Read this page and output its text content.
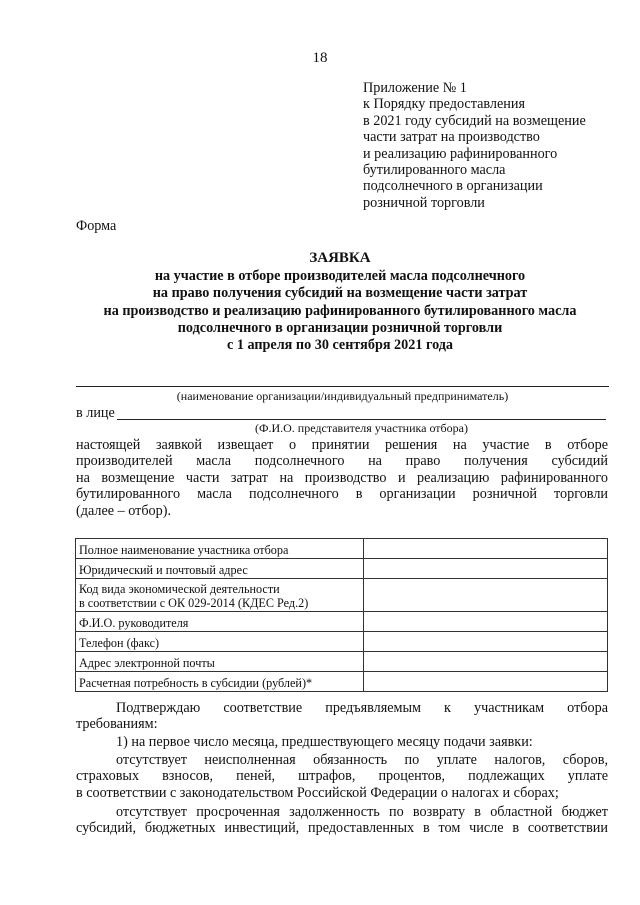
18
Приложение № 1
к Порядку предоставления
в 2021 году субсидий на возмещение
части затрат на производство
и реализацию рафинированного
бутилированного масла
подсолнечного в организации
розничной торговли
Форма
ЗАЯВКА
на участие в отборе производителей масла подсолнечного
на право получения субсидий на возмещение части затрат
на производство и реализацию рафинированного бутилированного масла
подсолнечного в организации розничной торговли
с 1 апреля по 30 сентября 2021 года
(наименование организации/индивидуальный предприниматель)
в лице
(Ф.И.О. представителя участника отбора)
настоящей заявкой извещает о принятии решения на участие в отборе
производителей масла подсолнечного на право получения субсидий
на возмещение части затрат на производство и реализацию рафинированного
бутилированного масла подсолнечного в организации розничной торговли
(далее – отбор).
Полное наименование участника отбора	
Юридический и почтовый адрес	
Код вида экономической деятельности
в соответствии с ОК 029-2014 (КДЕС Ред.2)	
Ф.И.О. руководителя	
Телефон (факс)	
Адрес электронной почты	
Расчетная потребность в субсидии (рублей)*	
Подтверждаю соответствие предъявляемым к участникам отбора
требованиям:
1) на первое число месяца, предшествующего месяцу подачи заявки:
отсутствует неисполненная обязанность по уплате налогов, сборов,
страховых взносов, пеней, штрафов, процентов, подлежащих уплате
в соответствии с законодательством Российской Федерации о налогах и сборах;
отсутствует просроченная задолженность по возврату в областной бюджет
субсидий, бюджетных инвестиций, предоставленных в том числе в соответствии
